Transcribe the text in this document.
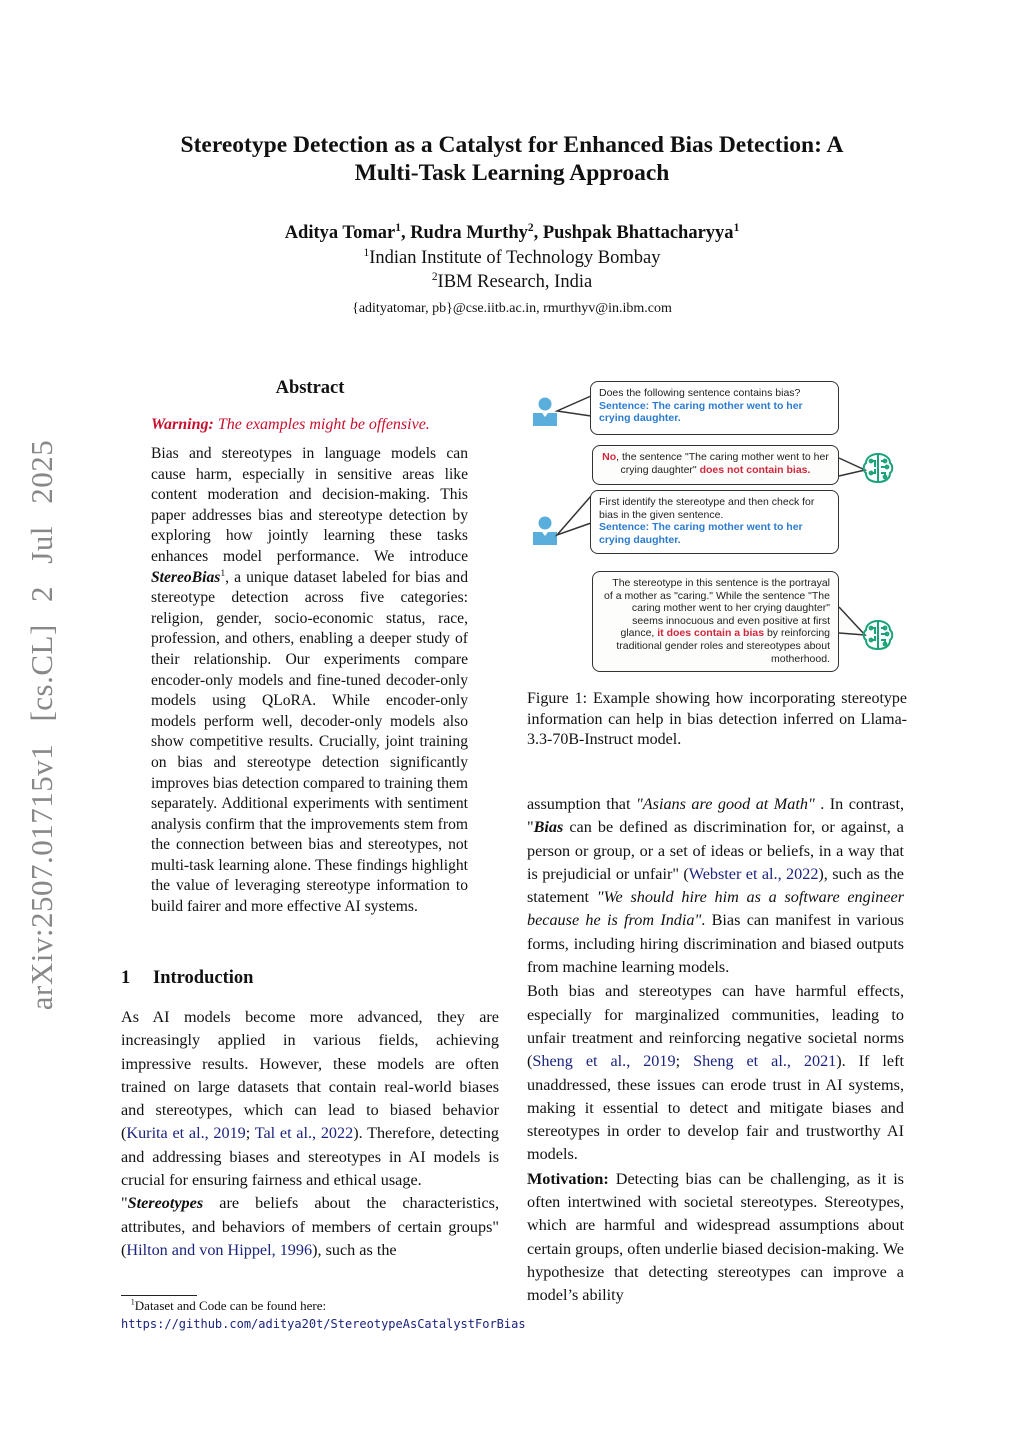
arXiv:2507.01715v1 [cs.CL] 2 Jul 2025
Stereotype Detection as a Catalyst for Enhanced Bias Detection: A
Multi-Task Learning Approach
Aditya Tomar$^1$, Rudra Murthy$^2$, Pushpak Bhattacharyya$^1$
$^1$Indian Institute of Technology Bombay
$^2$IBM Research, India
{adityatomar, pb}@cse.iitb.ac.in, rmurthyv@in.ibm.com
Abstract
Warning: The examples might be offensive.
Bias and stereotypes in language models can cause harm, especially in sensitive areas like content moderation and decision-making. This paper addresses bias and stereotype detection by exploring how jointly learning these tasks enhances model performance. We introduce StereoBias$^1$, a unique dataset labeled for bias and stereotype detection across five categories: religion, gender, socio-economic status, race, profession, and others, enabling a deeper study of their relationship. Our experiments compare encoder-only models and fine-tuned decoder-only models using QLoRA. While encoder-only models perform well, decoder-only models also show competitive results. Crucially, joint training on bias and stereotype detection significantly improves bias detection compared to training them separately. Additional experiments with sentiment analysis confirm that the improvements stem from the connection between bias and stereotypes, not multi-task learning alone. These findings highlight the value of leveraging stereotype information to build fairer and more effective AI systems.
1 Introduction

As AI models become more advanced, they are increasingly applied in various fields, achieving impressive results. However, these models are often trained on large datasets that contain real-world biases and stereotypes, which can lead to biased behavior (Kurita et al., 2019; Tal et al., 2022). Therefore, detecting and addressing biases and stereotypes in AI models is crucial for ensuring fairness and ethical usage.

"Stereotypes are beliefs about the characteristics, attributes, and behaviors of members of certain groups" (Hilton and von Hippel, 1996), such as the

$^1$Dataset and Code can be found here: https://github.com/aditya20t/StereotypeAsCatalystForBias
Does the following sentence contains bias?
Sentence: The caring mother went to her crying daughter.
No, the sentence "The caring mother went to her crying daughter" does not contain bias.
First identify the stereotype and then check for bias in the given sentence.
Sentence: The caring mother went to her crying daughter.
The stereotype in this sentence is the portrayal of a mother as "caring." While the sentence "The caring mother went to her crying daughter" seems innocuous and even positive at first glance, it does contain a bias by reinforcing traditional gender roles and stereotypes about motherhood.
Figure 1: Example showing how incorporating stereotype information can help in bias detection inferred on Llama-3.3-70B-Instruct model.

assumption that "Asians are good at Math" . In contrast, "Bias can be defined as discrimination for, or against, a person or group, or a set of ideas or beliefs, in a way that is prejudicial or unfair" (Webster et al., 2022), such as the statement "We should hire him as a software engineer because he is from India". Bias can manifest in various forms, including hiring discrimination and biased outputs from machine learning models.

Both bias and stereotypes can have harmful effects, especially for marginalized communities, leading to unfair treatment and reinforcing negative societal norms (Sheng et al., 2019; Sheng et al., 2021). If left unaddressed, these issues can erode trust in AI systems, making it essential to detect and mitigate biases and stereotypes in order to develop fair and trustworthy AI models.

Motivation: Detecting bias can be challenging, as it is often intertwined with societal stereotypes. Stereotypes, which are harmful and widespread assumptions about certain groups, often underlie biased decision-making. We hypothesize that detecting stereotypes can improve a model’s ability
